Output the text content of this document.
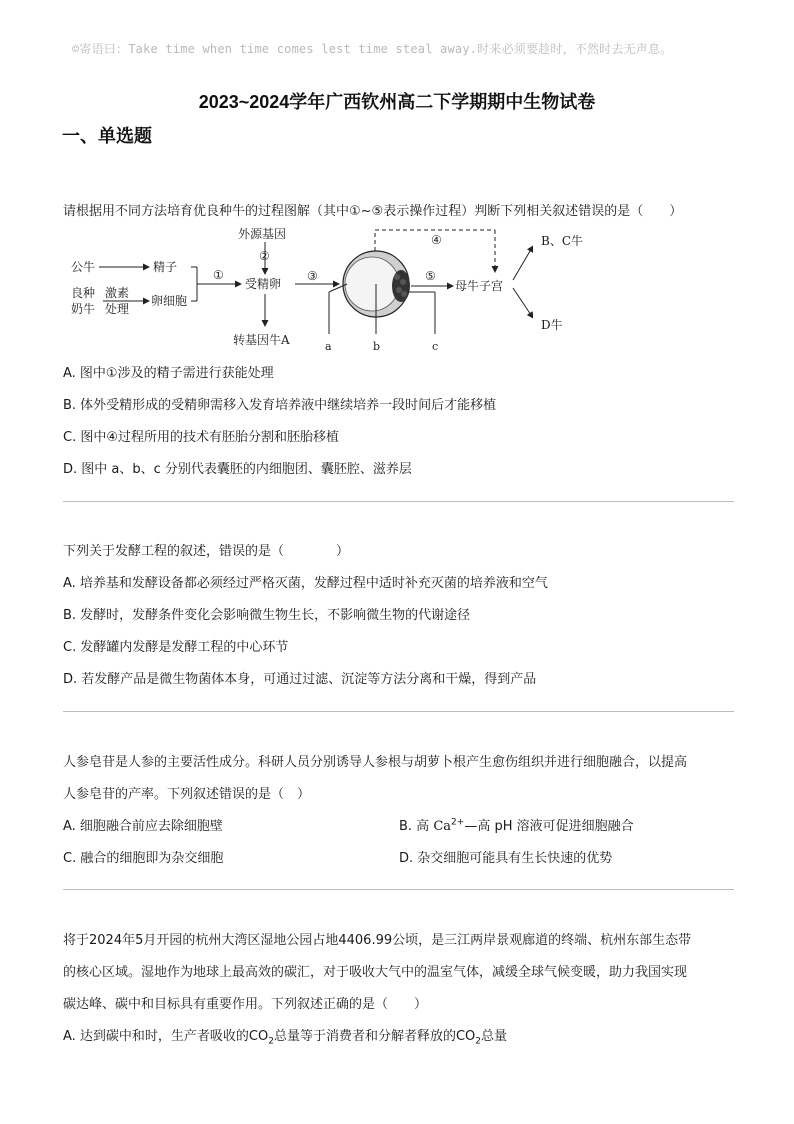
☺寄语曰：Take time when time comes lest time steal away.时来必须要趁时，不然时去无声息。
2023~2024学年广西钦州高二下学期期中生物试卷
一、单选题

请根据用不同方法培育优良种牛的过程图解（其中①~⑤表示操作过程）判断下列相关叙述错误的是（　　）

公牛	精子
良种
奶牛
激素
处理
卵细胞
①
外源基因
②
受精卵
转基因牛A
③
a	b	c
④
⑤
母牛子宫
B、C牛
D牛

A. 图中①涉及的精子需进行获能处理

B. 体外受精形成的受精卵需移入发育培养液中继续培养一段时间后才能移植

C. 图中④过程所用的技术有胚胎分割和胚胎移植

D. 图中 a、b、c 分别代表囊胚的内细胞团、囊胚腔、滋养层

下列关于发酵工程的叙述，错误的是（　　　　）

A. 培养基和发酵设备都必须经过严格灭菌，发酵过程中适时补充灭菌的培养液和空气

B. 发酵时，发酵条件变化会影响微生物生长，不影响微生物的代谢途径

C. 发酵罐内发酵是发酵工程的中心环节

D. 若发酵产品是微生物菌体本身，可通过过滤、沉淀等方法分离和干燥，得到产品

人参皂苷是人参的主要活性成分。科研人员分别诱导人参根与胡萝卜根产生愈伤组织并进行细胞融合，以提高

人参皂苷的产率。下列叙述错误的是（　）

A. 细胞融合前应去除细胞壁	B. 高 $Ca^{2+}—$高 pH 溶液可促进细胞融合

C. 融合的细胞即为杂交细胞	D. 杂交细胞可能具有生长快速的优势

将于2024年5月开园的杭州大湾区湿地公园占地4406.99公顷，是三江两岸景观廊道的终端、杭州东部生态带

的核心区域。湿地作为地球上最高效的碳汇，对于吸收大气中的温室气体，减缓全球气候变暖，助力我国实现

碳达峰、碳中和目标具有重要作用。下列叙述正确的是（　　）

A. 达到碳中和时，生产者吸收的$CO_2$总量等于消费者和分解者释放的$CO_2$总量
